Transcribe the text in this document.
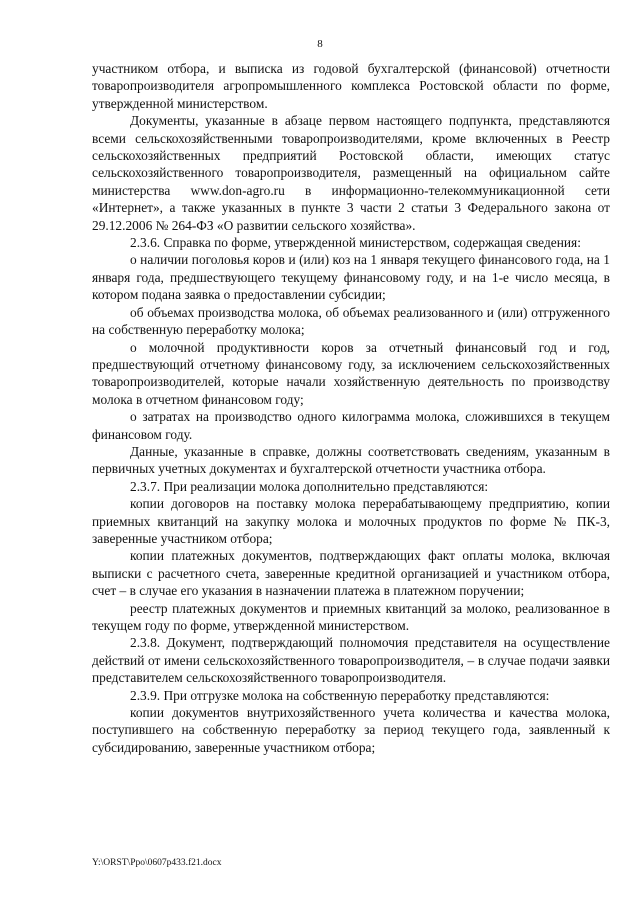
8

участником отбора, и выписка из годовой бухгалтерской (финансовой) отчетности товаропроизводителя агропромышленного комплекса Ростовской области по форме, утвержденной министерством.

Документы, указанные в абзаце первом настоящего подпункта, представляются всеми сельскохозяйственными товаропроизводителями, кроме включенных в Реестр сельскохозяйственных предприятий Ростовской области, имеющих статус сельскохозяйственного товаропроизводителя, размещенный на официальном сайте министерства www.don-agro.ru в информационно-телекоммуникационной сети «Интернет», а также указанных в пункте 3 части 2 статьи 3 Федерального закона от 29.12.2006 № 264-ФЗ «О развитии сельского хозяйства».

2.3.6. Справка по форме, утвержденной министерством, содержащая сведения:

о наличии поголовья коров и (или) коз на 1 января текущего финансового года, на 1 января года, предшествующего текущему финансовому году, и на 1-е число месяца, в котором подана заявка о предоставлении субсидии;

об объемах производства молока, об объемах реализованного и (или) отгруженного на собственную переработку молока;

о молочной продуктивности коров за отчетный финансовый год и год, предшествующий отчетному финансовому году, за исключением сельскохозяйственных товаропроизводителей, которые начали хозяйственную деятельность по производству молока в отчетном финансовом году;

о затратах на производство одного килограмма молока, сложившихся в текущем финансовом году.

Данные, указанные в справке, должны соответствовать сведениям, указанным в первичных учетных документах и бухгалтерской отчетности участника отбора.

2.3.7. При реализации молока дополнительно представляются:

копии договоров на поставку молока перерабатывающему предприятию, копии приемных квитанций на закупку молока и молочных продуктов по форме № ПК-3, заверенные участником отбора;

копии платежных документов, подтверждающих факт оплаты молока, включая выписки с расчетного счета, заверенные кредитной организацией и участником отбора, счет – в случае его указания в назначении платежа в платежном поручении;

реестр платежных документов и приемных квитанций за молоко, реализованное в текущем году по форме, утвержденной министерством.

2.3.8. Документ, подтверждающий полномочия представителя на осуществление действий от имени сельскохозяйственного товаропроизводителя, – в случае подачи заявки представителем сельскохозяйственного товаропроизводителя.

2.3.9. При отгрузке молока на собственную переработку представляются:

копии документов внутрихозяйственного учета количества и качества молока, поступившего на собственную переработку за период текущего года, заявленный к субсидированию, заверенные участником отбора;

Y:\ORST\Ppo\0607p433.f21.docx
